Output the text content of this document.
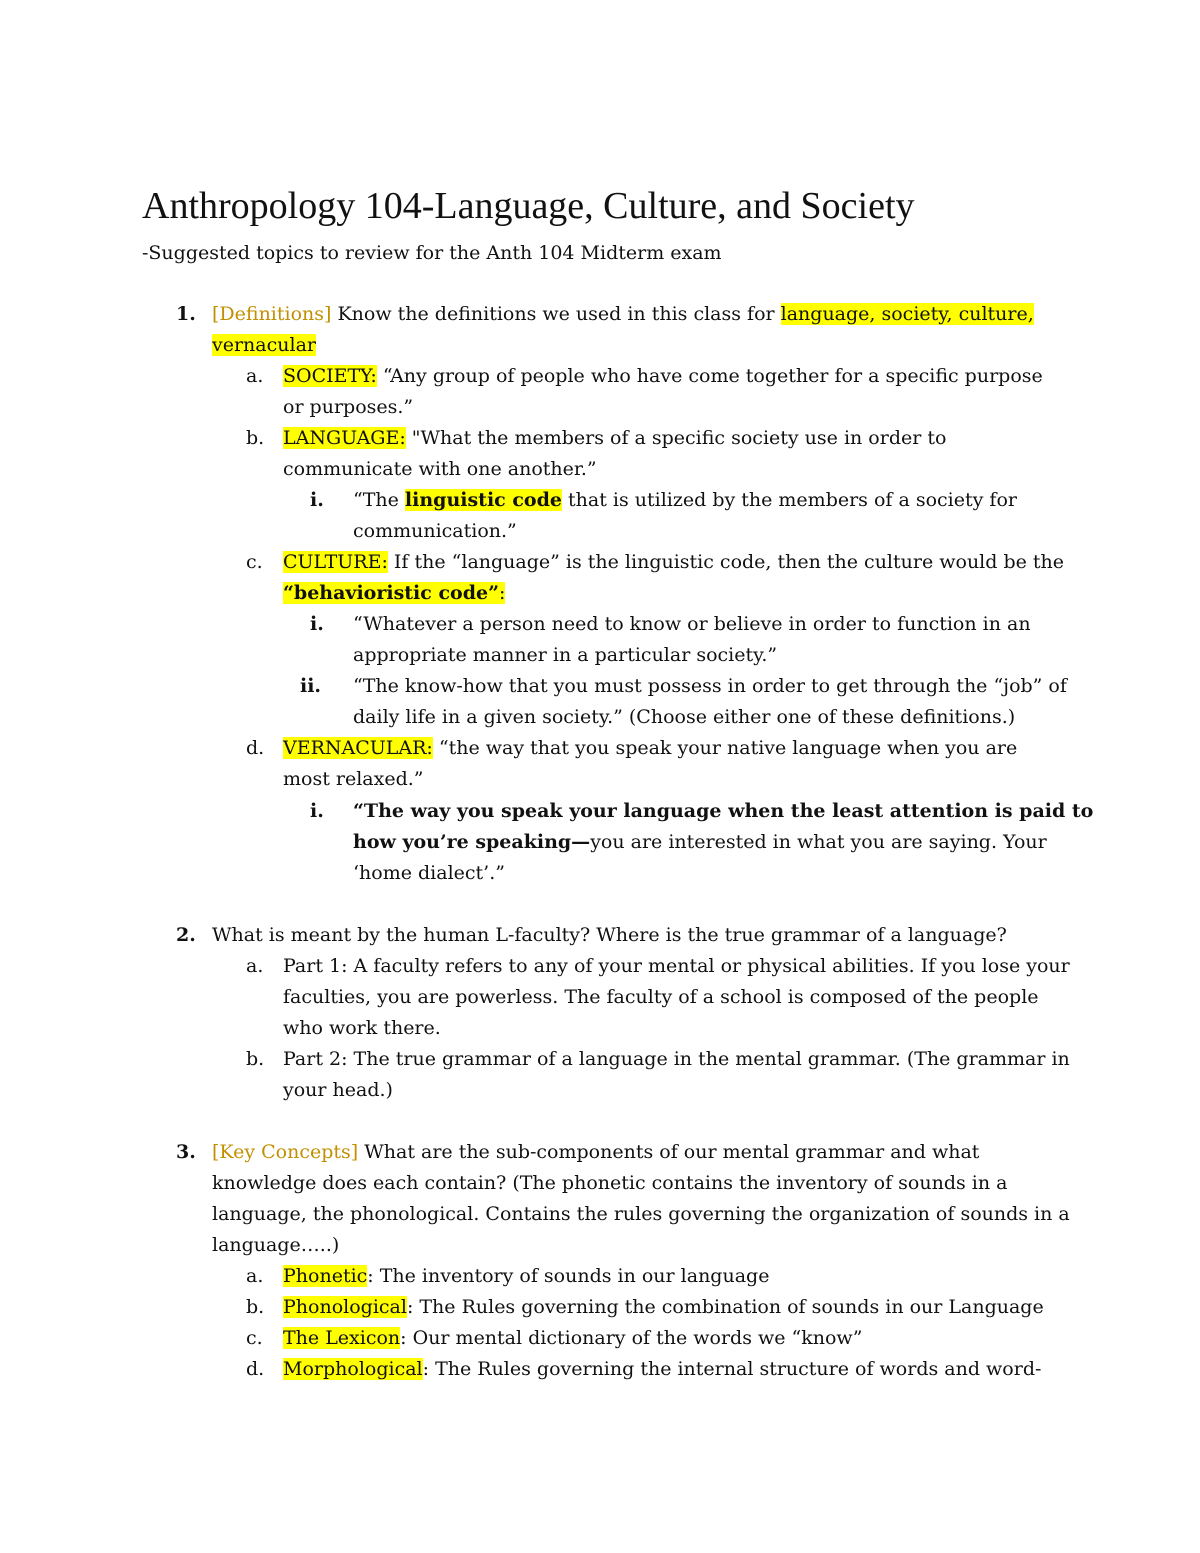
Anthropology 104-Language, Culture, and Society

-Suggested topics to review for the Anth 104 Midterm exam

1. [Definitions] Know the definitions we used in this class for language, society, culture,
vernacular
a. SOCIETY: “Any group of people who have come together for a specific purpose
or purposes.”
b. LANGUAGE: "What the members of a specific society use in order to
communicate with one another.”
i. “The linguistic code that is utilized by the members of a society for
communication.”
c. CULTURE: If the “language” is the linguistic code, then the culture would be the
“behavioristic code”:
i. “Whatever a person need to know or believe in order to function in an
appropriate manner in a particular society.”
ii. “The know-how that you must possess in order to get through the “job” of
daily life in a given society.” (Choose either one of these definitions.)
d. VERNACULAR: “the way that you speak your native language when you are
most relaxed.”
i. “The way you speak your language when the least attention is paid to
how you’re speaking—you are interested in what you are saying. Your
‘home dialect’.”
2. What is meant by the human L-faculty? Where is the true grammar of a language?
a. Part 1: A faculty refers to any of your mental or physical abilities. If you lose your
faculties, you are powerless. The faculty of a school is composed of the people
who work there.
b. Part 2: The true grammar of a language in the mental grammar. (The grammar in
your head.)
3. [Key Concepts] What are the sub-components of our mental grammar and what
knowledge does each contain? (The phonetic contains the inventory of sounds in a
language, the phonological. Contains the rules governing the organization of sounds in a
language…..)
a. Phonetic: The inventory of sounds in our language
b. Phonological: The Rules governing the combination of sounds in our Language
c. The Lexicon: Our mental dictionary of the words we “know”
d. Morphological: The Rules governing the internal structure of words and word-
